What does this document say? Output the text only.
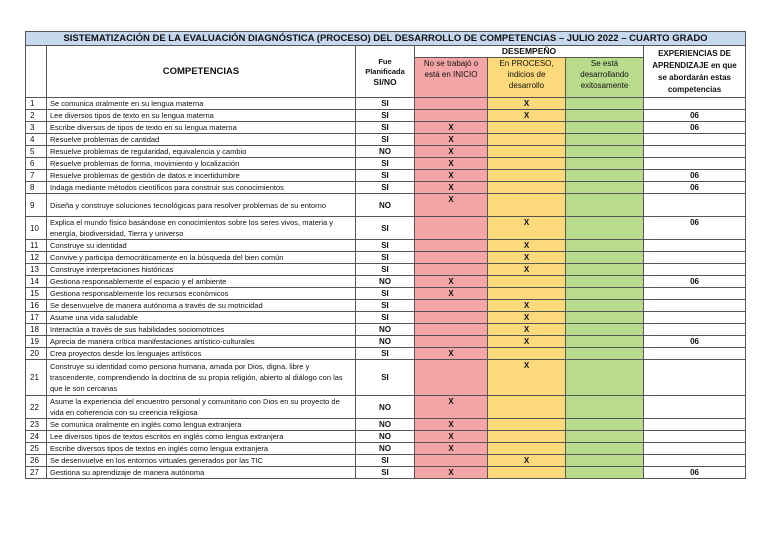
SISTEMATIZACIÓN DE LA EVALUACIÓN DIAGNÓSTICA (PROCESO) DEL DESARROLLO DE COMPETENCIAS – JULIO 2022 – CUARTO GRADO						
	COMPETENCIAS	Fue Planificada
SI/NO	DESEMPEÑO			EXPERIENCIAS DE APRENDIZAJE en que se abordarán estas competencias
			No se trabajó o está en INICIO	En PROCESO, indicios de desarrollo	Se está desarrollando exitosamente	
1	Se comunica oralmente en su lengua materna	SI		X		
2	Lee diversos tipos de texto en su lengua materna	SI		X		06
3	Escribe diversos de tipos de texto en su lengua materna	SI	X			06
4	Resuelve problemas de cantidad	SI	X			
5	Resuelve problemas de regularidad, equivalencia y cambio	NO	X			
6	Resuelve problemas de forma, movimiento y localización	SI	X			
7	Resuelve problemas de gestión de datos e incertidumbre	SI	X			06
8	Indaga mediante métodos científicos para construir sus conocimientos	SI	X			06
9	Diseña y construye soluciones tecnológicas para resolver problemas de su entorno	NO	X			
10	Explica el mundo físico basándose en conocimientos sobre los seres vivos, materia y energía, biodiversidad, Tierra y universo	SI		X		06
11	Construye su identidad	SI		X		
12	Convive y participa democráticamente en la búsqueda del bien común	SI		X		
13	Construye interpretaciones históricas	SI		X		
14	Gestiona responsablemente el espacio y el ambiente	NO	X			06
15	Gestiona responsablemente los recursos económicos	SI	X			
16	Se desenvuelve de manera autónoma a través de su motricidad	SI		X		
17	Asume una vida saludable	SI		X		
18	Interactúa a través de sus habilidades sociomotrices	NO		X		
19	Aprecia de manera crítica manifestaciones artístico-culturales	NO		X		06
20	Crea proyectos desde los lenguajes artísticos	SI	X			
21	Construye su identidad como persona humana, amada por Dios, digna, libre y trascendente, comprendiendo la doctrina de su propia religión, abierto al diálogo con las que le son cercanas	SI		X		
22	Asume la experiencia del encuentro personal y comunitario con Dios en su proyecto de vida en coherencia con su creencia religiosa	NO	X			
23	Se comunica oralmente en inglés como lengua extranjera	NO	X			
24	Lee diversos tipos de textos escritos en inglés como lengua extranjera	NO	X			
25	Escribe diversos tipos de textos en inglés como lengua extranjera	NO	X			
26	Se desenvuelve en los entornos virtuales generados por las TIC	SI		X		
27	Gestiona su aprendizaje de manera autónoma	SI	X			06
